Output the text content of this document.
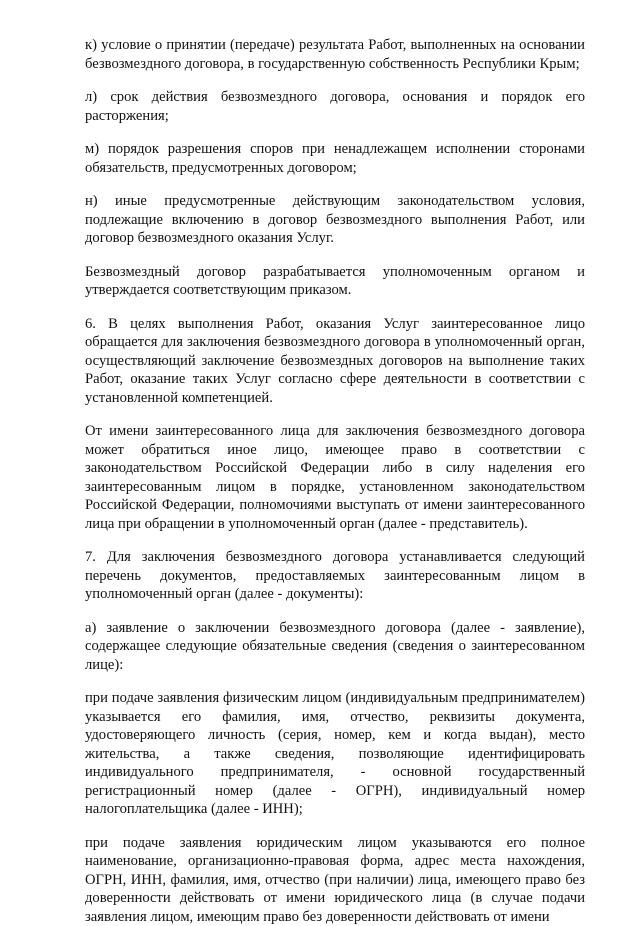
к) условие о принятии (передаче) результата Работ, выполненных на основании безвозмездного договора, в государственную собственность Республики Крым;

л) срок действия безвозмездного договора, основания и порядок его расторжения;

м) порядок разрешения споров при ненадлежащем исполнении сторонами обязательств, предусмотренных договором;

н) иные предусмотренные действующим законодательством условия, подлежащие включению в договор безвозмездного выполнения Работ, или договор безвозмездного оказания Услуг.

Безвозмездный договор разрабатывается уполномоченным органом и утверждается соответствующим приказом.

6. В целях выполнения Работ, оказания Услуг заинтересованное лицо обращается для заключения безвозмездного договора в уполномоченный орган, осуществляющий заключение безвозмездных договоров на выполнение таких Работ, оказание таких Услуг согласно сфере деятельности в соответствии с установленной компетенцией.

От имени заинтересованного лица для заключения безвозмездного договора может обратиться иное лицо, имеющее право в соответствии с законодательством Российской Федерации либо в силу наделения его заинтересованным лицом в порядке, установленном законодательством Российской Федерации, полномочиями выступать от имени заинтересованного лица при обращении в уполномоченный орган (далее - представитель).

7. Для заключения безвозмездного договора устанавливается следующий перечень документов, предоставляемых заинтересованным лицом в уполномоченный орган (далее - документы):

а) заявление о заключении безвозмездного договора (далее - заявление), содержащее следующие обязательные сведения (сведения о заинтересованном лице):

при подаче заявления физическим лицом (индивидуальным предпринимателем) указывается его фамилия, имя, отчество, реквизиты документа, удостоверяющего личность (серия, номер, кем и когда выдан), место жительства, а также сведения, позволяющие идентифицировать индивидуального предпринимателя, - основной государственный регистрационный номер (далее - ОГРН), индивидуальный номер налогоплательщика (далее - ИНН);

при подаче заявления юридическим лицом указываются его полное наименование, организационно-правовая форма, адрес места нахождения, ОГРН, ИНН, фамилия, имя, отчество (при наличии) лица, имеющего право без доверенности действовать от имени юридического лица (в случае подачи заявления лицом, имеющим право без доверенности действовать от имени
